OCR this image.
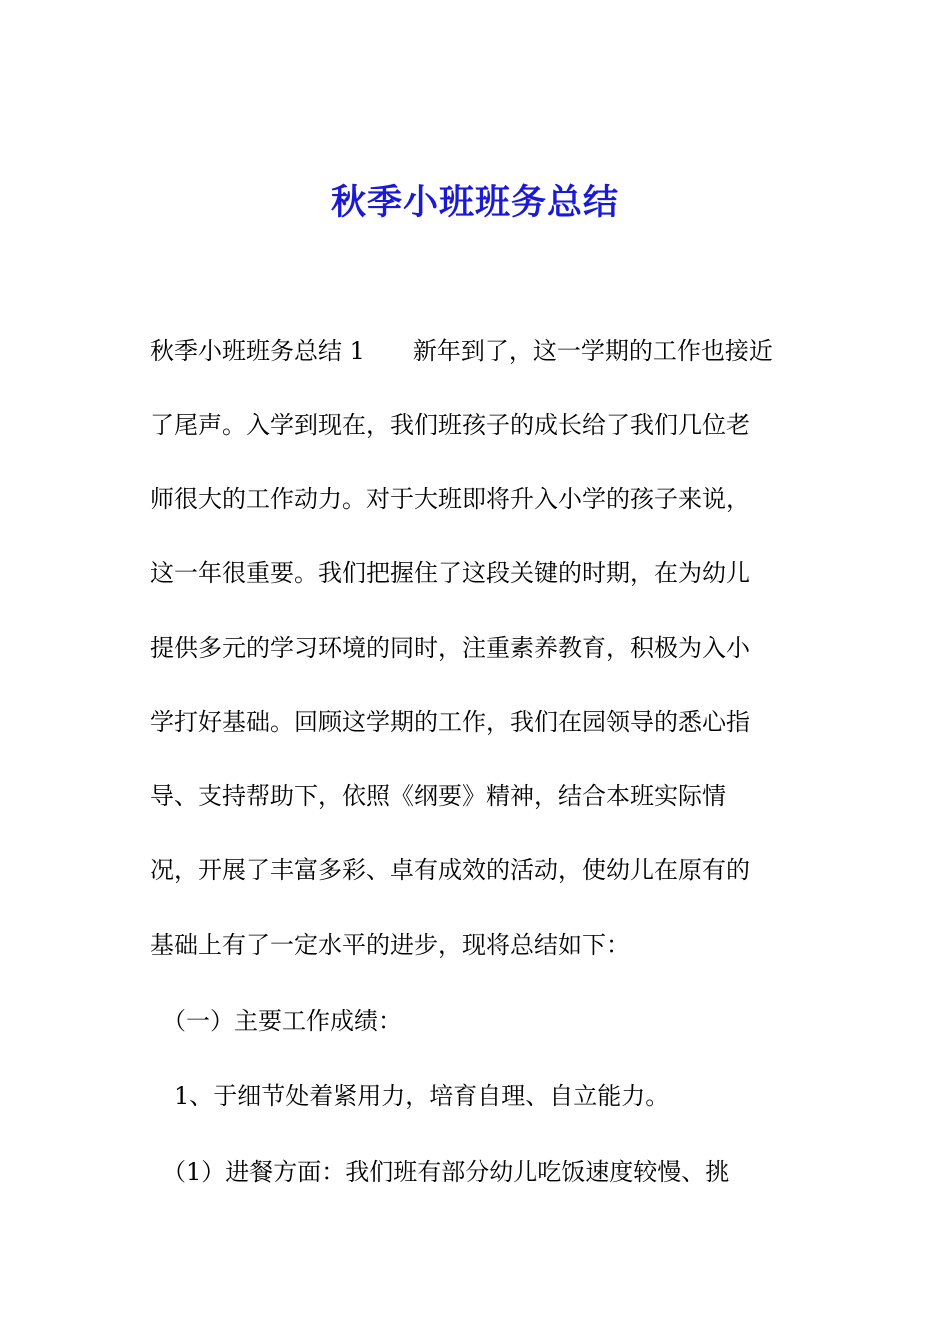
秋季小班班务总结
秋季小班班务总结 1　　新年到了，这一学期的工作也接近
了尾声。入学到现在，我们班孩子的成长给了我们几位老
师很大的工作动力。对于大班即将升入小学的孩子来说，
这一年很重要。我们把握住了这段关键的时期，在为幼儿
提供多元的学习环境的同时，注重素养教育，积极为入小
学打好基础。回顾这学期的工作，我们在园领导的悉心指
导、支持帮助下，依照《纲要》精神，结合本班实际情
况，开展了丰富多彩、卓有成效的活动，使幼儿在原有的
基础上有了一定水平的进步，现将总结如下：
　（一）主要工作成绩：
　1、于细节处着紧用力，培育自理、自立能力。
　（1）进餐方面：我们班有部分幼儿吃饭速度较慢、挑
